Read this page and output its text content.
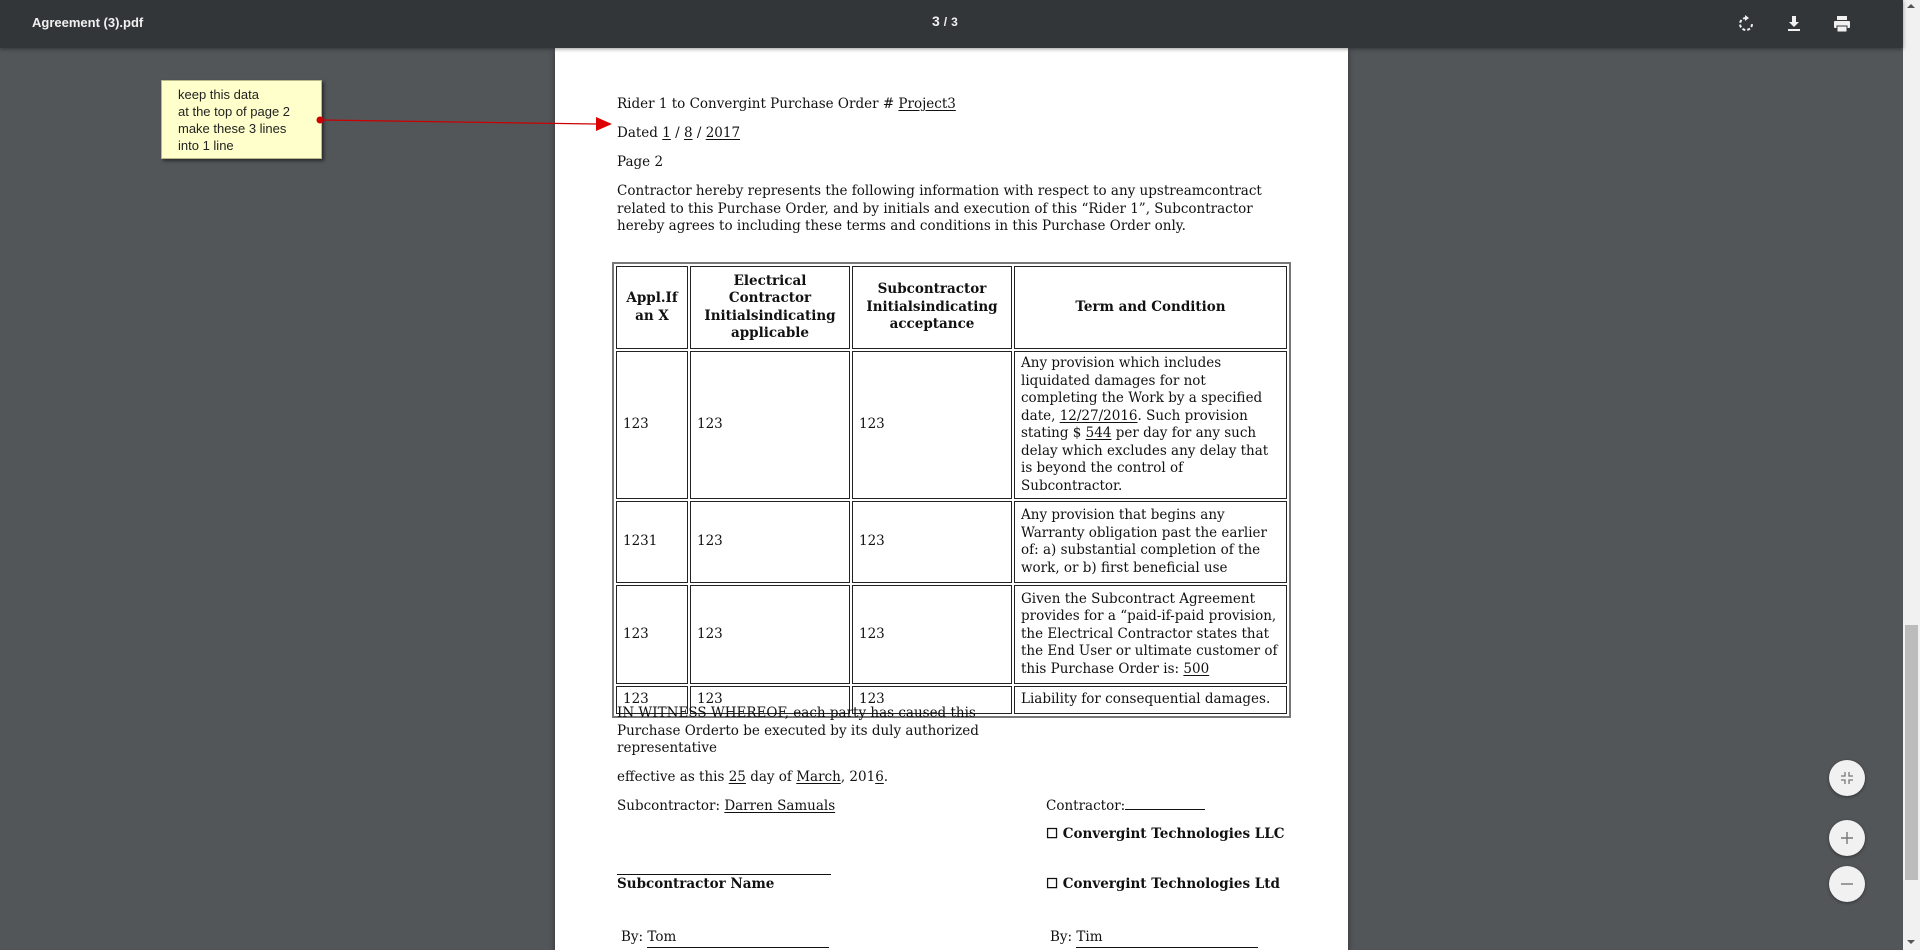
Agreement (3).pdf	3 / 3
Rider 1 to Convergint Purchase Order # Project3
Dated 1 / 8 / 2017
Page 2
Contractor hereby represents the following information with respect to any upstreamcontract
related to this Purchase Order, and by initials and execution of this “Rider 1”, Subcontractor
hereby agrees to including these terms and conditions in this Purchase Order only.
Appl.If an X	Electrical Contractor Initialsindicating applicable	Subcontractor Initialsindicating acceptance	Term and Condition
123	123	123	Any provision which includes liquidated damages for not completing the Work by a specified date, 12/27/2016. Such provision stating $ 544 per day for any such delay which excludes any delay that is beyond the control of Subcontractor.
1231	123	123	Any provision that begins any Warranty obligation past the earlier of: a) substantial completion of the work, or b) first beneficial use
123	123	123	Given the Subcontract Agreement provides for a “paid-if-paid provision, the Electrical Contractor states that the End User or ultimate customer of this Purchase Order is: 500
123	123	123	Liability for consequential damages.
IN WITNESS WHEREOF, each party has caused this
Purchase Orderto be executed by its duly authorized
representative
effective as this 25 day of March, 2016.
Subcontractor: Darren Samuals	Contractor:
☐ Convergint Technologies LLC
Subcontractor Name	☐ Convergint Technologies Ltd
By: Tom	By: Tim
keep this data
at the top of page 2
make these 3 lines
into 1 line
